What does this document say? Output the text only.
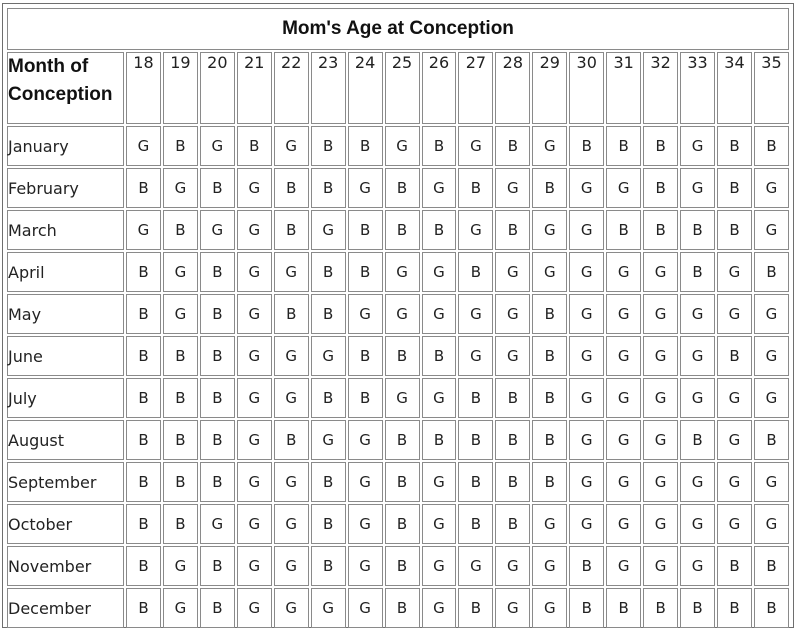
Mom's Age at Conception																		
Month of Conception	18	19	20	21	22	23	24	25	26	27	28	29	30	31	32	33	34	35
January	G	B	G	B	G	B	B	G	B	G	B	G	B	B	B	G	B	B
February	B	G	B	G	B	B	G	B	G	B	G	B	G	G	B	G	B	G
March	G	B	G	G	B	G	B	B	B	G	B	G	G	B	B	B	B	G
April	B	G	B	G	G	B	B	G	G	B	G	G	G	G	G	B	G	B
May	B	G	B	G	B	B	G	G	G	G	G	B	G	G	G	G	G	G
June	B	B	B	G	G	G	B	B	B	G	G	B	G	G	G	G	B	G
July	B	B	B	G	G	B	B	G	G	B	B	B	G	G	G	G	G	G
August	B	B	B	G	B	G	G	B	B	B	B	B	G	G	G	B	G	B
September	B	B	B	G	G	B	G	B	G	B	B	B	G	G	G	G	G	G
October	B	B	G	G	G	B	G	B	G	B	B	G	G	G	G	G	G	G
November	B	G	B	G	G	B	G	B	G	G	G	G	B	G	G	G	B	B
December	B	G	B	G	G	G	G	B	G	B	G	G	B	B	B	B	B	B
